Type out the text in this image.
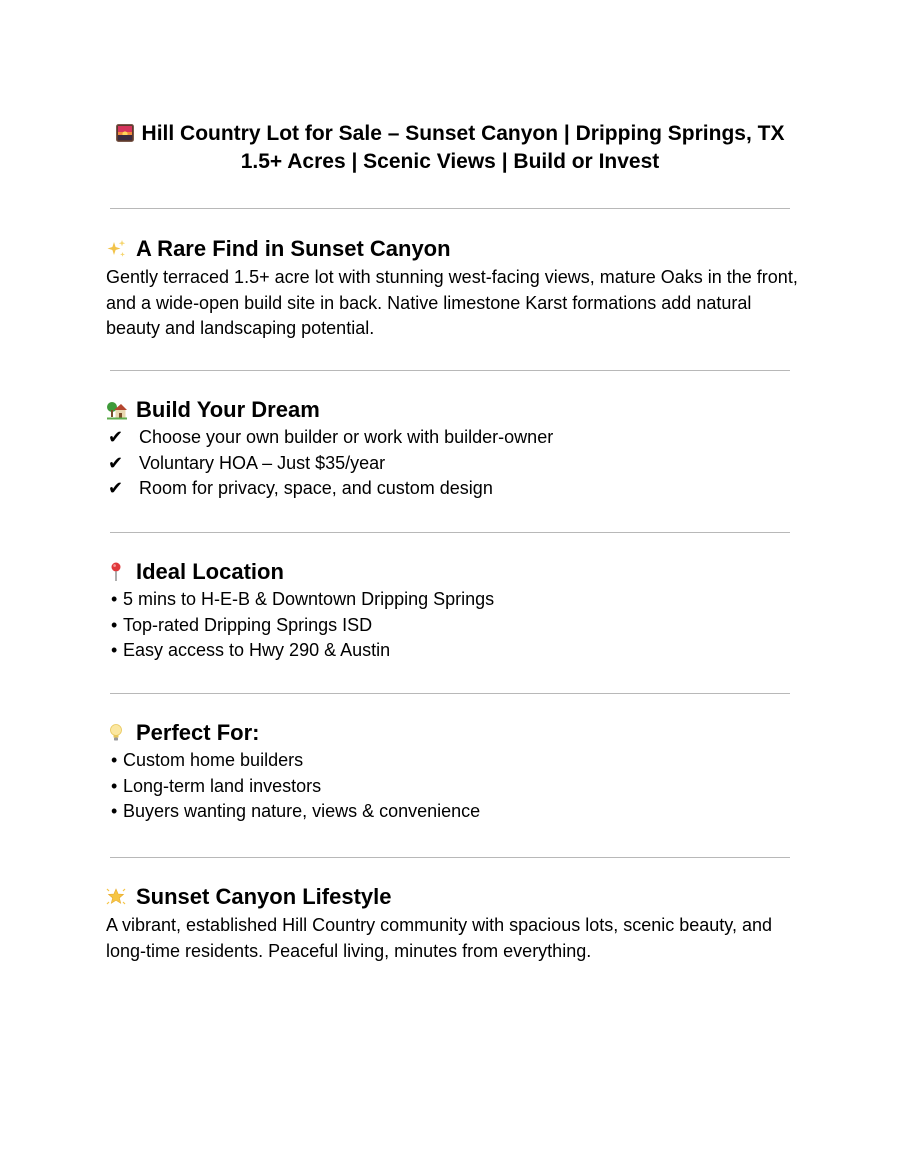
Hill Country Lot for Sale – Sunset Canyon | Dripping Springs, TX
1.5+ Acres | Scenic Views | Build or Invest
A Rare Find in Sunset Canyon
Gently terraced 1.5+ acre lot with stunning west-facing views, mature Oaks in the front, and a wide-open build site in back. Native limestone Karst formations add natural beauty and landscaping potential.
Build Your Dream
✔ Choose your own builder or work with builder-owner
✔ Voluntary HOA – Just $35/year
✔ Room for privacy, space, and custom design
Ideal Location
• 5 mins to H-E-B & Downtown Dripping Springs
• Top-rated Dripping Springs ISD
• Easy access to Hwy 290 & Austin
Perfect For:
• Custom home builders
• Long-term land investors
• Buyers wanting nature, views & convenience
Sunset Canyon Lifestyle
A vibrant, established Hill Country community with spacious lots, scenic beauty, and long-time residents. Peaceful living, minutes from everything.
